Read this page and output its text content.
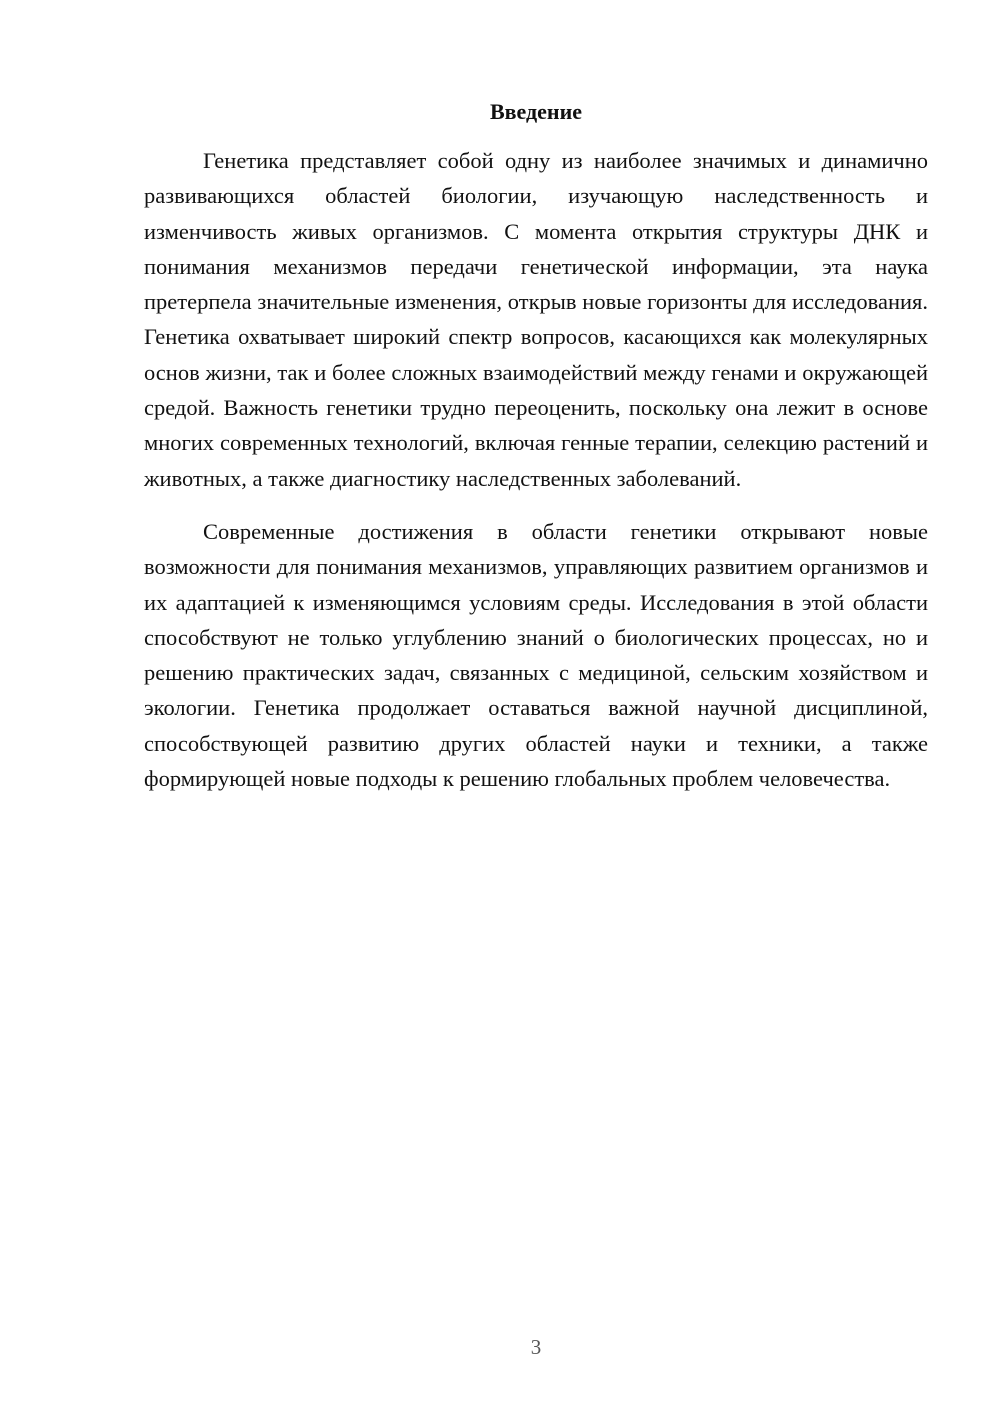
Введение

Генетика представляет собой одну из наиболее значимых и динамично развивающихся областей биологии, изучающую наследственность и изменчивость живых организмов. С момента открытия структуры ДНК и понимания механизмов передачи генетической информации, эта наука претерпела значительные изменения, открыв новые горизонты для исследования. Генетика охватывает широкий спектр вопросов, касающихся как молекулярных основ жизни, так и более сложных взаимодействий между генами и окружающей средой. Важность генетики трудно переоценить, поскольку она лежит в основе многих современных технологий, включая генные терапии, селекцию растений и животных, а также диагностику наследственных заболеваний.

Современные достижения в области генетики открывают новые возможности для понимания механизмов, управляющих развитием организмов и их адаптацией к изменяющимся условиям среды. Исследования в этой области способствуют не только углублению знаний о биологических процессах, но и решению практических задач, связанных с медициной, сельским хозяйством и экологии. Генетика продолжает оставаться важной научной дисциплиной, способствующей развитию других областей науки и техники, а также формирующей новые подходы к решению глобальных проблем человечества.

3
